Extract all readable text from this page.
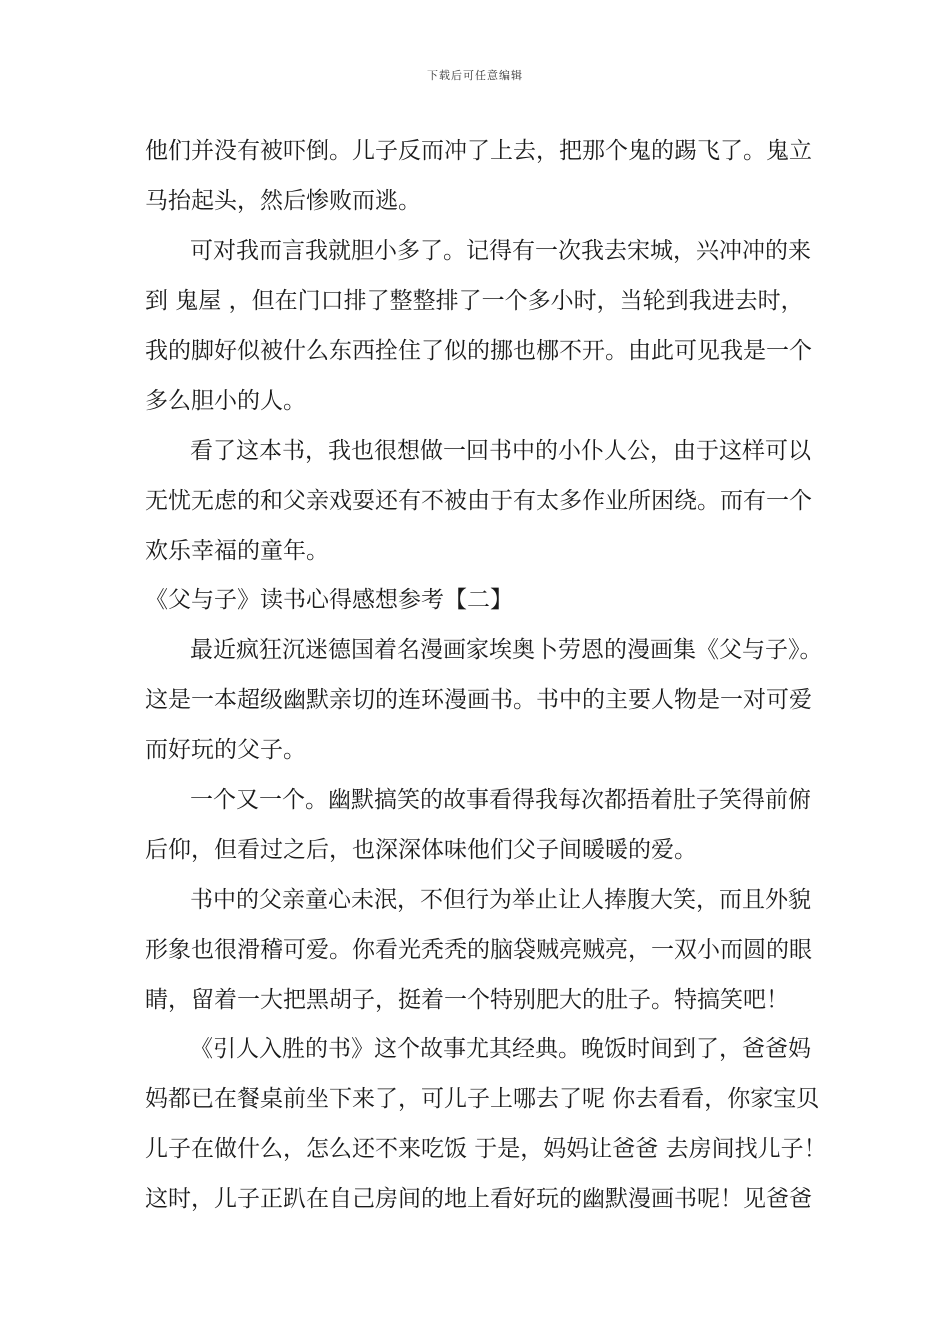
下载后可任意编辑
他们并没有被吓倒。儿子反而冲了上去，把那个鬼的踢飞了。鬼立
马抬起头，然后惨败而逃。
可对我而言我就胆小多了。记得有一次我去宋城，兴冲冲的来
到 鬼屋 ，但在门口排了整整排了一个多小时，当轮到我进去时，
我的脚好似被什么东西拴住了似的挪也梛不开。由此可见我是一个
多么胆小的人。
看了这本书，我也很想做一回书中的小仆人公，由于这样可以
无忧无虑的和父亲戏耍还有不被由于有太多作业所困绕。而有一个
欢乐幸福的童年。
《父与子》读书心得感想参考【二】
最近疯狂沉迷德国着名漫画家埃奥卜劳恩的漫画集《父与子》。
这是一本超级幽默亲切的连环漫画书。书中的主要人物是一对可爱
而好玩的父子。
一个又一个。幽默搞笑的故事看得我每次都捂着肚子笑得前俯
后仰，但看过之后，也深深体味他们父子间暖暖的爱。
书中的父亲童心未泯，不但行为举止让人捧腹大笑，而且外貌
形象也很滑稽可爱。你看光秃秃的脑袋贼亮贼亮，一双小而圆的眼
睛，留着一大把黑胡子，挺着一个特别肥大的肚子。特搞笑吧！
《引人入胜的书》这个故事尤其经典。晚饭时间到了，爸爸妈
妈都已在餐桌前坐下来了，可儿子上哪去了呢 你去看看，你家宝贝
儿子在做什么，怎么还不来吃饭 于是，妈妈让爸爸 去房间找儿子！
这时，儿子正趴在自己房间的地上看好玩的幽默漫画书呢！见爸爸
